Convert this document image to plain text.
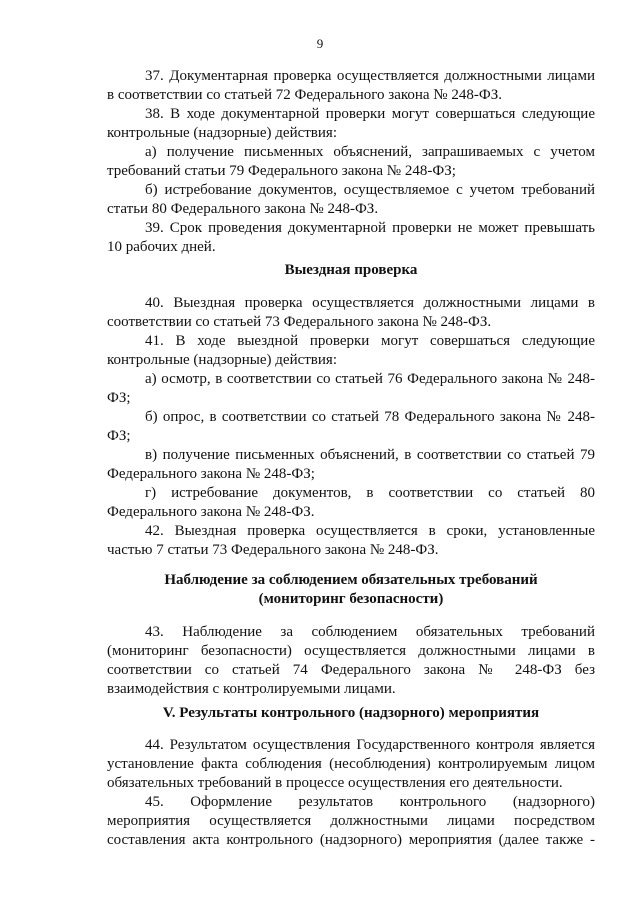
9
37. Документарная проверка осуществляется должностными лицами
в соответствии со статьей 72 Федерального закона № 248-ФЗ.
38. В ходе документарной проверки могут совершаться следующие
контрольные (надзорные) действия:
а) получение письменных объяснений, запрашиваемых с учетом
требований статьи 79 Федерального закона № 248-ФЗ;
б) истребование документов, осуществляемое с учетом требований
статьи 80 Федерального закона № 248-ФЗ.
39. Срок проведения документарной проверки не может превышать
10 рабочих дней.
Выездная проверка
40. Выездная проверка осуществляется должностными лицами в
соответствии со статьей 73 Федерального закона № 248-ФЗ.
41. В ходе выездной проверки могут совершаться следующие
контрольные (надзорные) действия:
а) осмотр, в соответствии со статьей 76 Федерального закона № 248-
ФЗ;
б) опрос, в соответствии со статьей 78 Федерального закона № 248-
ФЗ;
в) получение письменных объяснений, в соответствии со статьей 79
Федерального закона № 248-ФЗ;
г) истребование документов, в соответствии со статьей 80
Федерального закона № 248-ФЗ.
42. Выездная проверка осуществляется в сроки, установленные
частью 7 статьи 73 Федерального закона № 248-ФЗ.
Наблюдение за соблюдением обязательных требований
(мониторинг безопасности)
43. Наблюдение за соблюдением обязательных требований
(мониторинг безопасности) осуществляется должностными лицами в
соответствии со статьей 74 Федерального закона № 248-ФЗ без
взаимодействия с контролируемыми лицами.
V. Результаты контрольного (надзорного) мероприятия
44. Результатом осуществления Государственного контроля является
установление факта соблюдения (несоблюдения) контролируемым лицом
обязательных требований в процессе осуществления его деятельности.
45. Оформление результатов контрольного (надзорного)
мероприятия осуществляется должностными лицами посредством
составления акта контрольного (надзорного) мероприятия (далее также -
